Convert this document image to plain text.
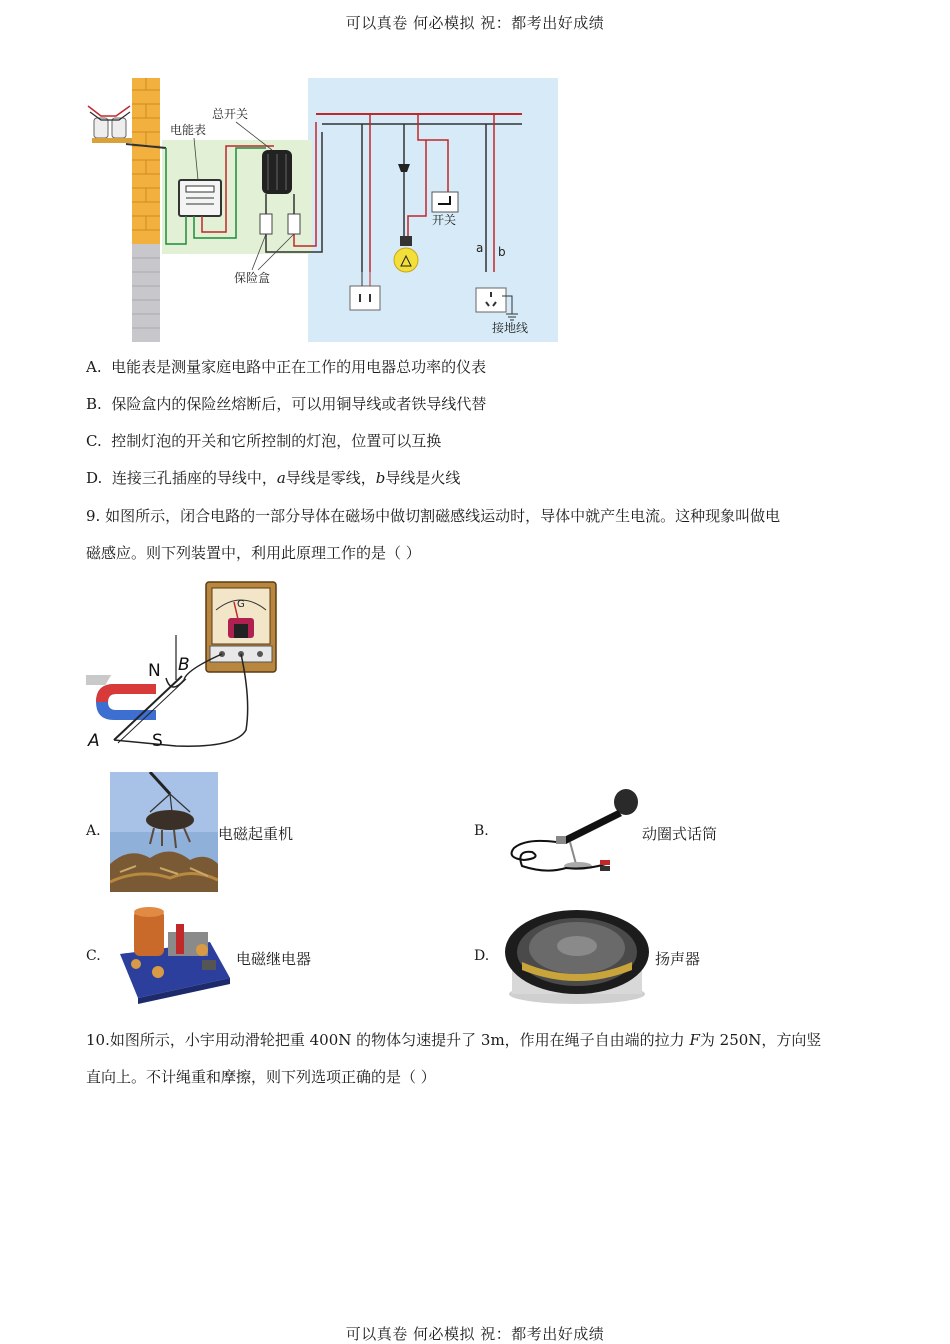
可以真卷 何必模拟 祝：都考出好成绩
总开关
电能表
保险盒
开关
a b
接地线
A. 电能表是测量家庭电路中正在工作的用电器总功率的仪表
B. 保险盒内的保险丝熔断后，可以用铜导线或者铁导线代替
C. 控制灯泡的开关和它所控制的灯泡，位置可以互换
D. 连接三孔插座的导线中，a导线是零线，b导线是火线
9. 如图所示，闭合电路的一部分导体在磁场中做切割磁感线运动时，导体中就产生电流。这种现象叫做电
磁感应。则下列装置中，利用此原理工作的是（ ）
G
N
S
A
B
A.	电磁起重机	B.	动圈式话筒
C.	电磁继电器	D.	扬声器
10.如图所示，小宇用动滑轮把重 400N 的物体匀速提升了 3m，作用在绳子自由端的拉力 F为 250N，方向竖
直向上。不计绳重和摩擦，则下列选项正确的是（ ）
可以真卷 何必模拟 祝：都考出好成绩
